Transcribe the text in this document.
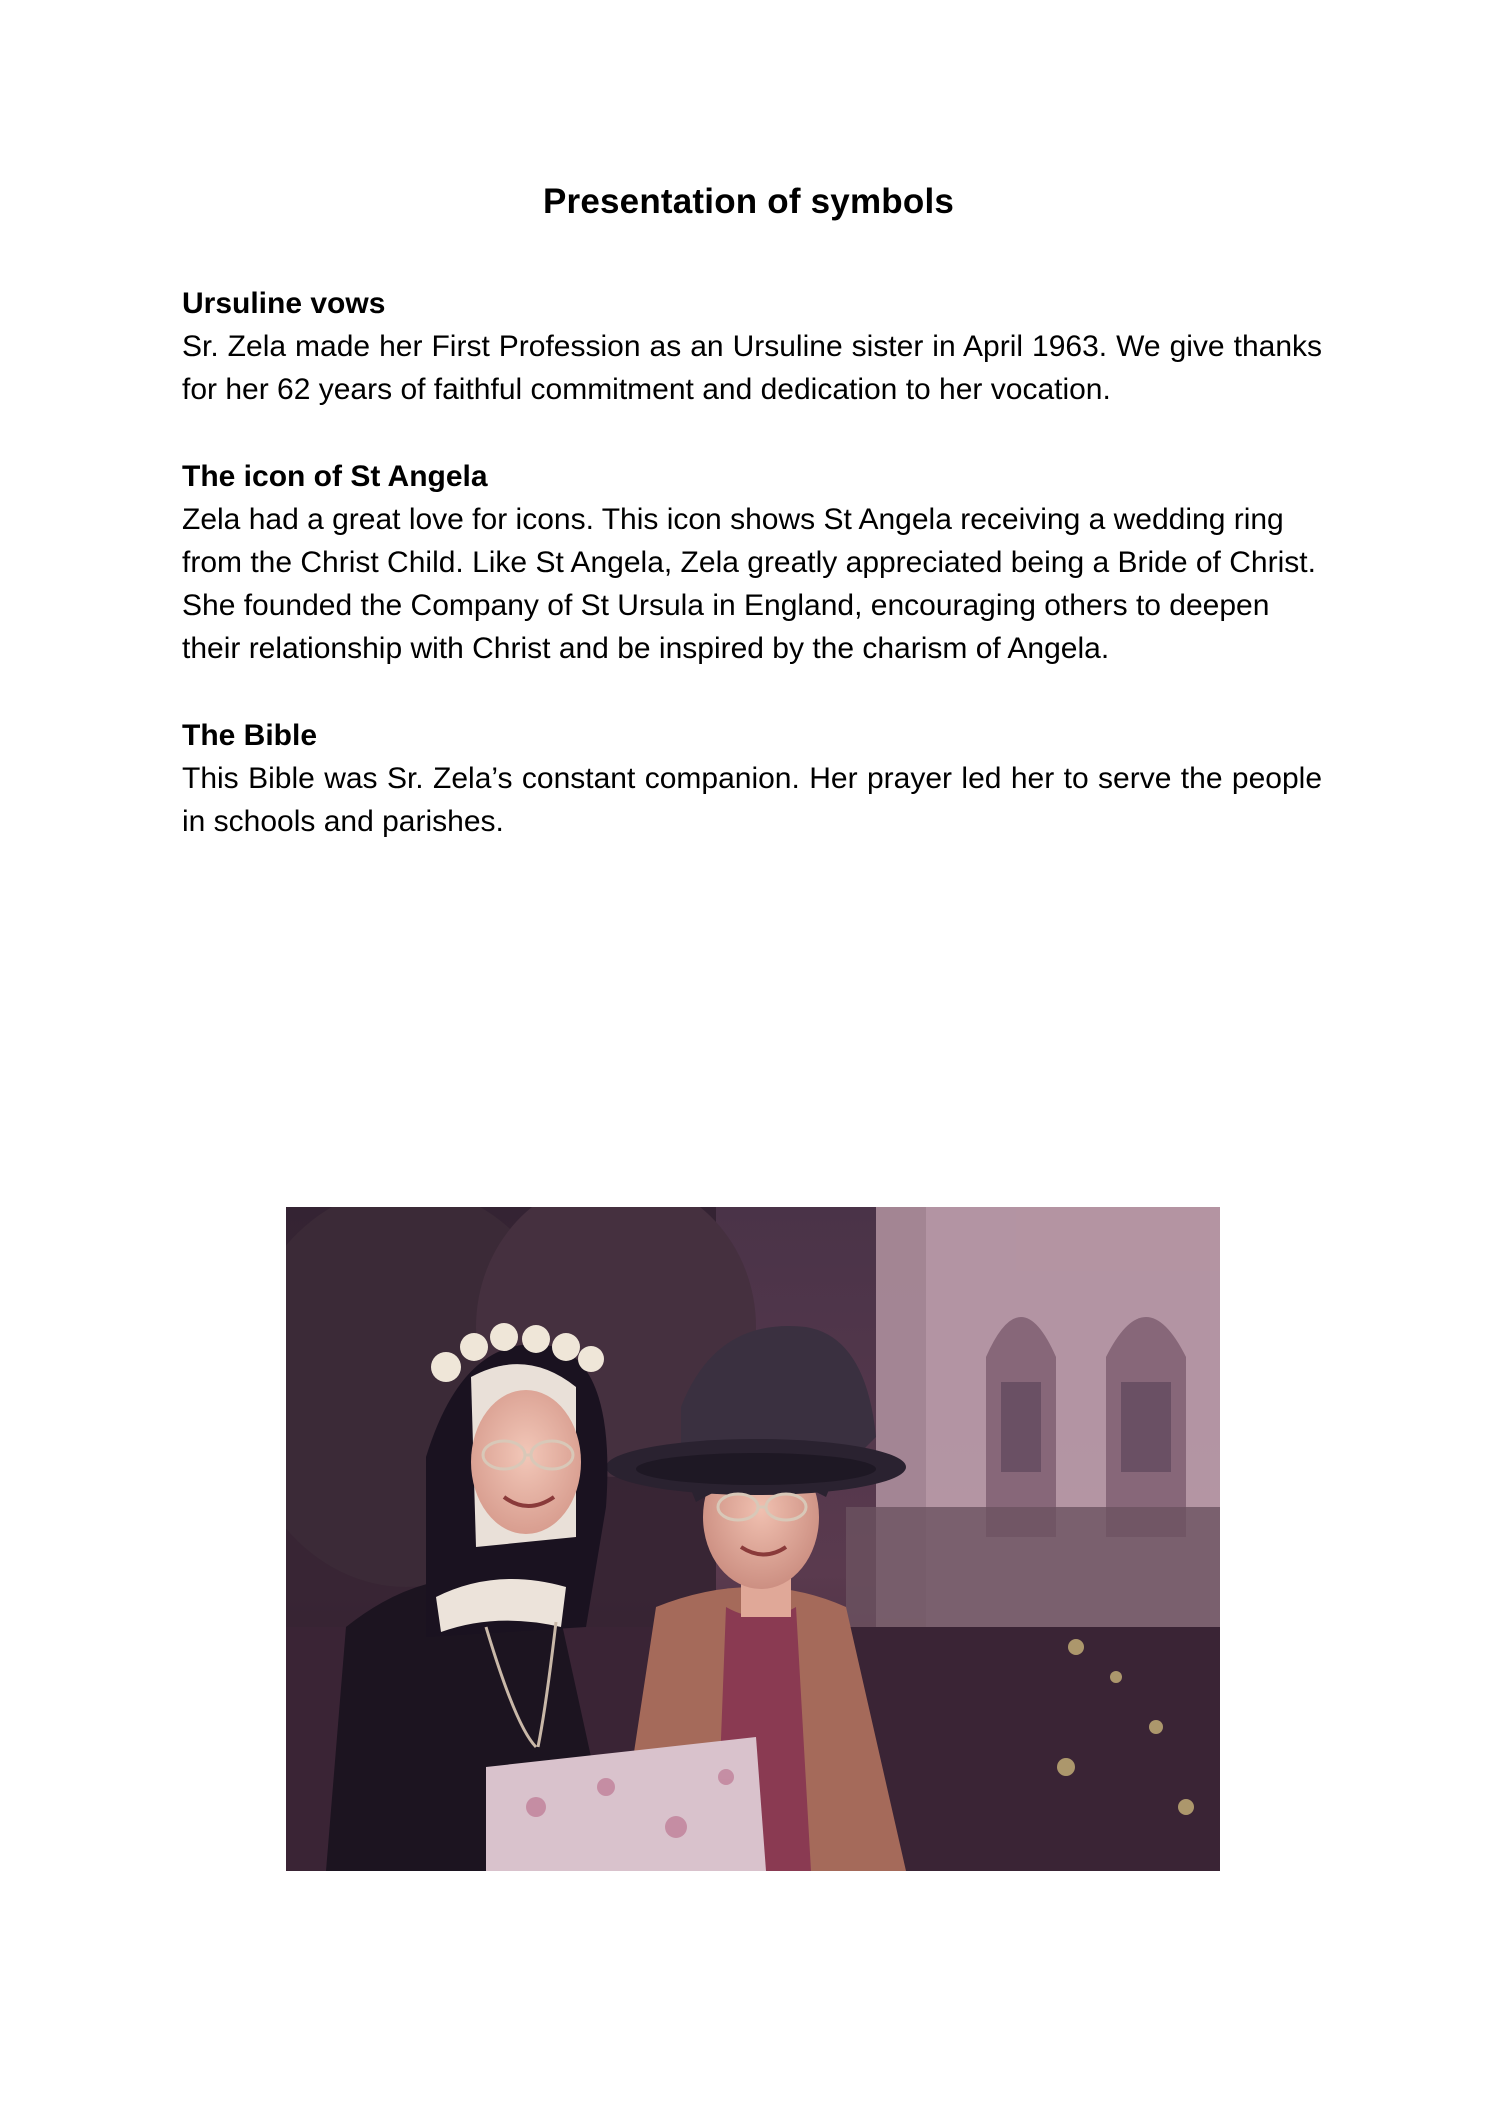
Presentation of symbols
Ursuline vows

Sr. Zela made her First Profession as an Ursuline sister in April 1963. We give thanks for her 62 years of faithful commitment and dedication to her vocation.

The icon of St Angela

Zela had a great love for icons. This icon shows St Angela receiving a wedding ring from the Christ Child. Like St Angela, Zela greatly appreciated being a Bride of Christ. She founded the Company of St Ursula in England, encouraging others to deepen their relationship with Christ and be inspired by the charism of Angela.

The Bible

This Bible was Sr. Zela’s constant companion. Her prayer led her to serve the people in schools and parishes.
